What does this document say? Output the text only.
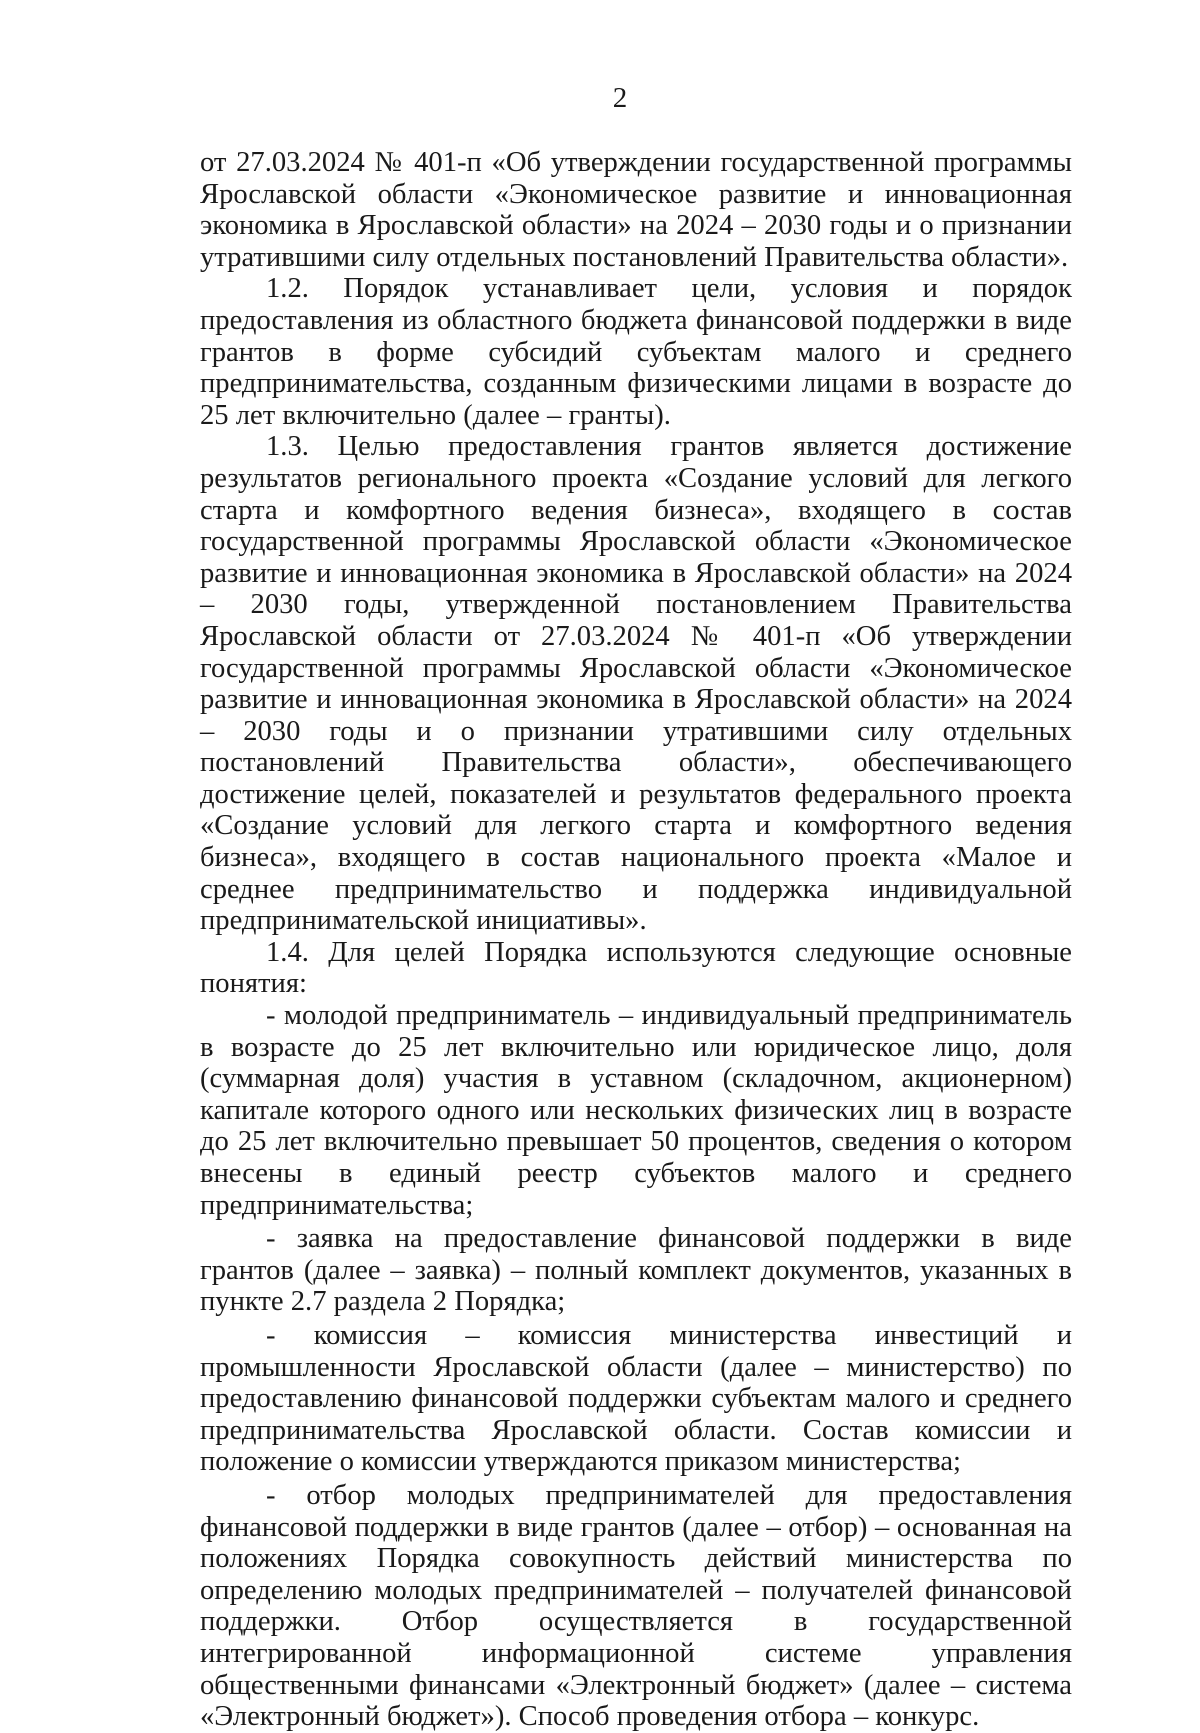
2

от 27.03.2024 № 401-п «Об утверждении государственной программы Ярославской области «Экономическое развитие и инновационная экономика в Ярославской области» на 2024 – 2030 годы и о признании утратившими силу отдельных постановлений Правительства области».

1.2. Порядок устанавливает цели, условия и порядок предоставления из областного бюджета финансовой поддержки в виде грантов в форме субсидий субъектам малого и среднего предпринимательства, созданным физическими лицами в возрасте до 25 лет включительно (далее – гранты).

1.3. Целью предоставления грантов является достижение результатов регионального проекта «Создание условий для легкого старта и комфортного ведения бизнеса», входящего в состав государственной программы Ярославской области «Экономическое развитие и инновационная экономика в Ярославской области» на 2024 – 2030 годы, утвержденной постановлением Правительства Ярославской области от 27.03.2024 № 401-п «Об утверждении государственной программы Ярославской области «Экономическое развитие и инновационная экономика в Ярославской области» на 2024 – 2030 годы и о признании утратившими силу отдельных постановлений Правительства области», обеспечивающего достижение целей, показателей и результатов федерального проекта «Создание условий для легкого старта и комфортного ведения бизнеса», входящего в состав национального проекта «Малое и среднее предпринимательство и поддержка индивидуальной предпринимательской инициативы».

1.4. Для целей Порядка используются следующие основные понятия:

- молодой предприниматель – индивидуальный предприниматель в возрасте до 25 лет включительно или юридическое лицо, доля (суммарная доля) участия в уставном (складочном, акционерном) капитале которого одного или нескольких физических лиц в возрасте до 25 лет включительно превышает 50 процентов, сведения о котором внесены в единый реестр субъектов малого и среднего предпринимательства;

- заявка на предоставление финансовой поддержки в виде грантов (далее – заявка) – полный комплект документов, указанных в пункте 2.7 раздела 2 Порядка;

- комиссия – комиссия министерства инвестиций и промышленности Ярославской области (далее – министерство) по предоставлению финансовой поддержки субъектам малого и среднего предпринимательства Ярославской области. Состав комиссии и положение о комиссии утверждаются приказом министерства;

- отбор молодых предпринимателей для предоставления финансовой поддержки в виде грантов (далее – отбор) – основанная на положениях Порядка совокупность действий министерства по определению молодых предпринимателей – получателей финансовой поддержки. Отбор осуществляется в государственной интегрированной информационной системе управления общественными финансами «Электронный бюджет» (далее – система «Электронный бюджет»). Способ проведения отбора – конкурс.
